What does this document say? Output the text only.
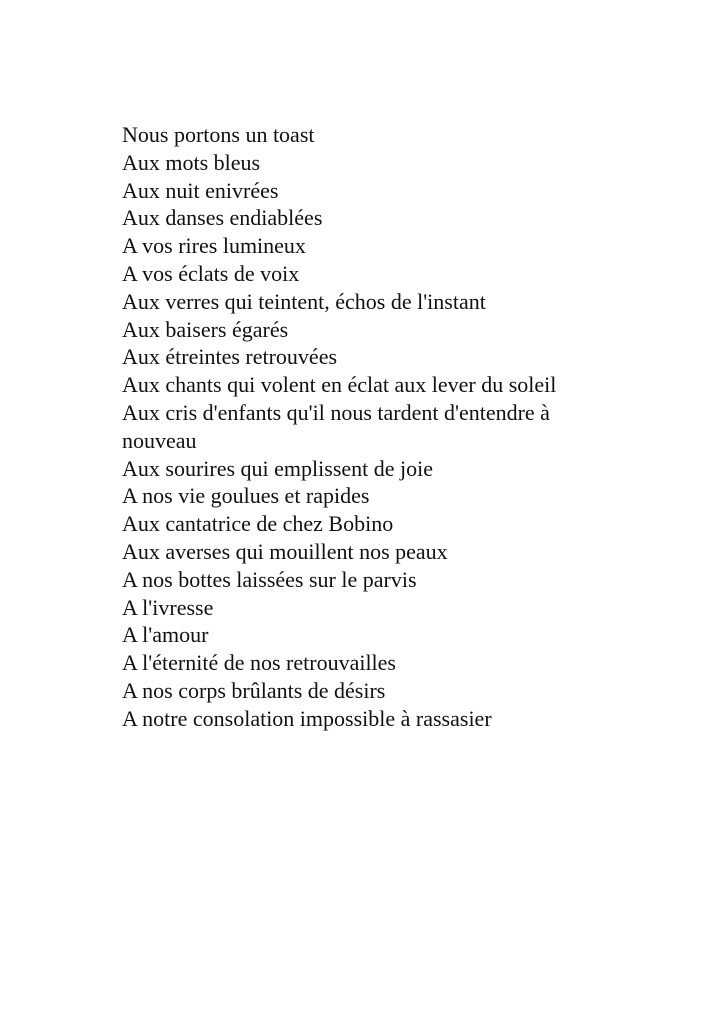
Nous portons un toast
Aux mots bleus
Aux nuit enivrées
Aux danses endiablées
A vos rires lumineux
A vos éclats de voix
Aux verres qui teintent, échos de l'instant
Aux baisers égarés
Aux étreintes retrouvées
Aux chants qui volent en éclat aux lever du soleil
Aux cris d'enfants qu'il nous tardent d'entendre à
nouveau
Aux sourires qui emplissent de joie
A nos vie goulues et rapides
Aux cantatrice de chez Bobino
Aux averses qui mouillent nos peaux
A nos bottes laissées sur le parvis
A l'ivresse
A l'amour
A l'éternité de nos retrouvailles
A nos corps brûlants de désirs
A notre consolation impossible à rassasier
